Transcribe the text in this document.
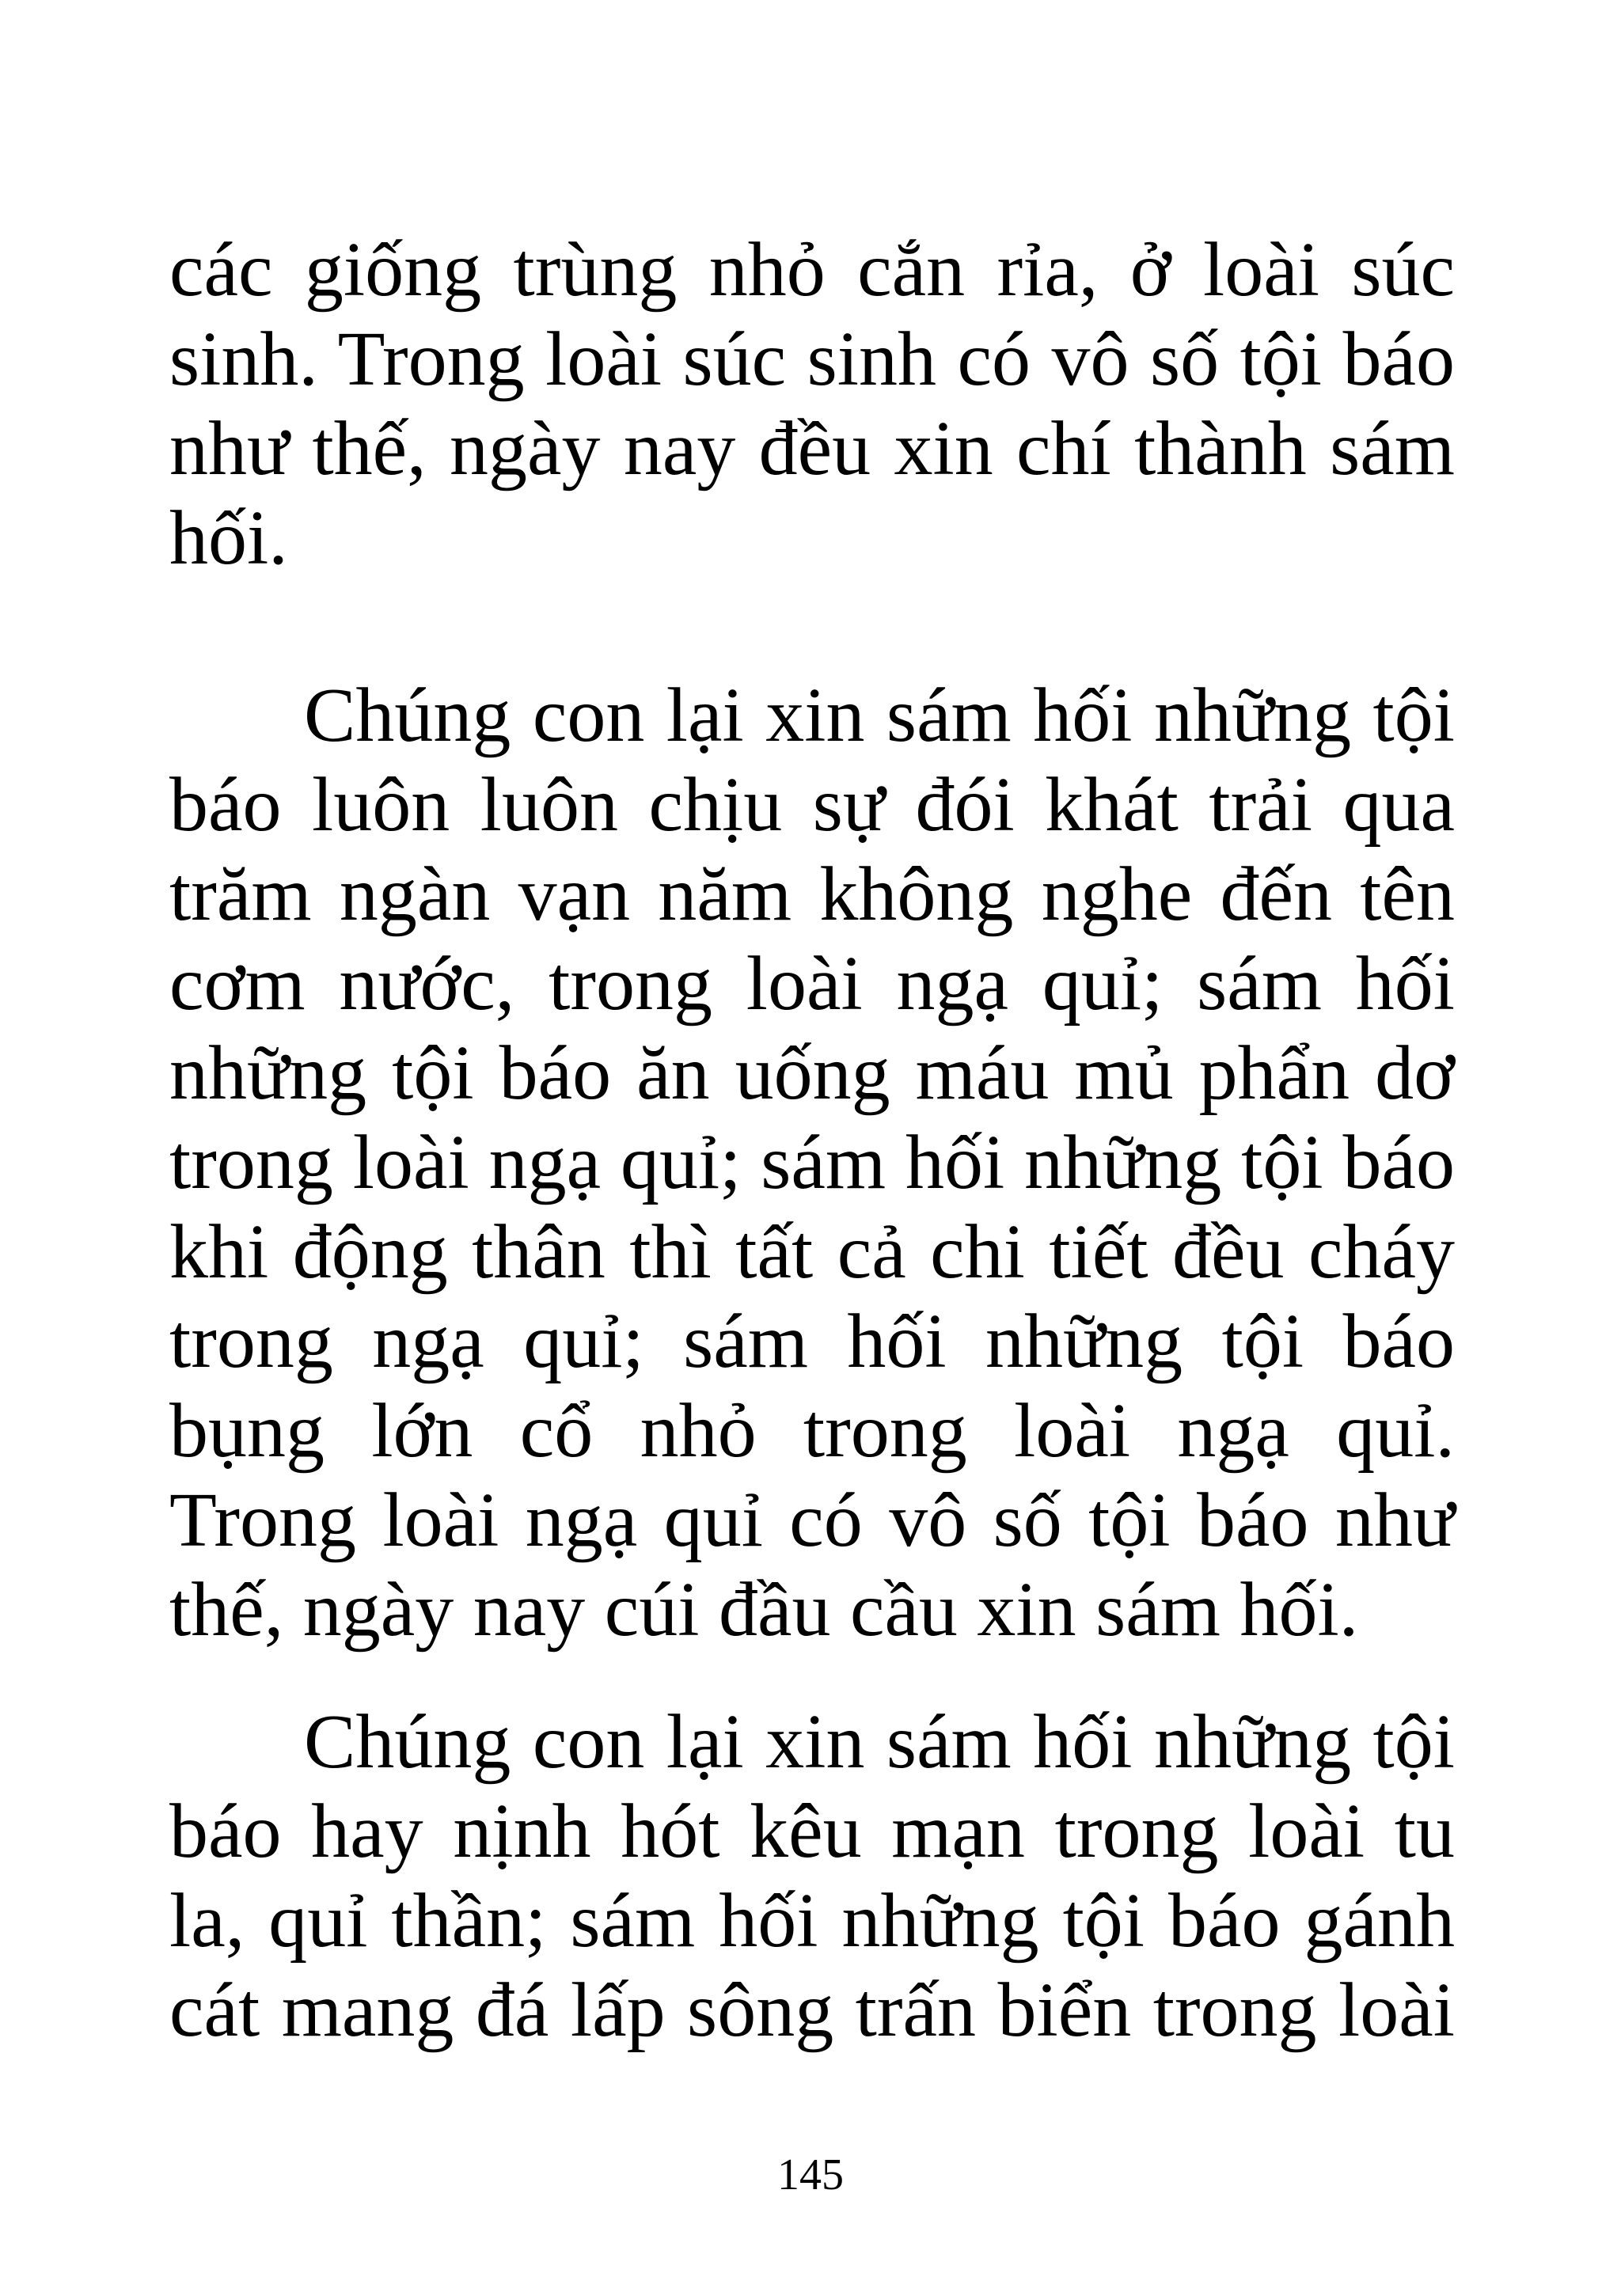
các giống trùng nhỏ cắn rỉa, ở loài súc
sinh. Trong loài súc sinh có vô số tội báo
như thế, ngày nay đều xin chí thành sám
hối.
Chúng con lại xin sám hối những tội
báo luôn luôn chịu sự đói khát trải qua
trăm ngàn vạn năm không nghe đến tên
cơm nước, trong loài ngạ quỉ; sám hối
những tội báo ăn uống máu mủ phẩn dơ
trong loài ngạ quỉ; sám hối những tội báo
khi động thân thì tất cả chi tiết đều cháy
trong ngạ quỉ; sám hối những tội báo
bụng lớn cổ nhỏ trong loài ngạ quỉ.
Trong loài ngạ quỉ có vô số tội báo như
thế, ngày nay cúi đầu cầu xin sám hối.
Chúng con lại xin sám hối những tội
báo hay nịnh hót kêu mạn trong loài tu
la, quỉ thần; sám hối những tội báo gánh
cát mang đá lấp sông trấn biển trong loài
145
